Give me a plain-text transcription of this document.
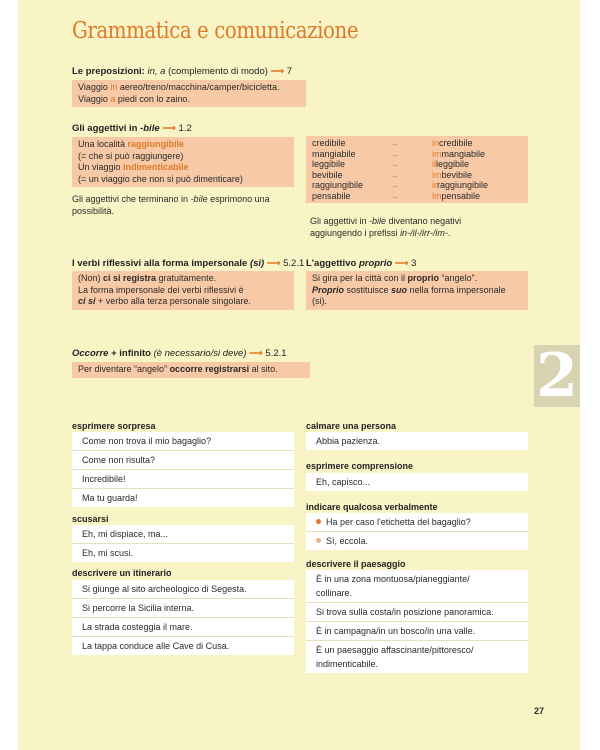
2
Grammatica e comunicazione
Le preposizioni: in, a (complemento di modo) ⟶ 7
Viaggio in aereo/treno/macchina/camper/bicicletta.
Viaggio a piedi con lo zaino.
Gli aggettivi in -bile ⟶ 1.2
Una località raggiungibile
(= che si può raggiungere)
Un viaggio indimenticabile
(= un viaggio che non si può dimenticare)
Gli aggettivi che terminano in -bile esprimono una
possibilità.
credibile	→	incredibile
mangiabile	→	immangiabile
leggibile	→	illeggibile
bevibile	→	imbevibile
raggiungibile	→	irraggiungibile
pensabile	→	impensabile
Gli aggettivi in -bile diventano negativi
aggiungendo i prefissi in-/il-/irr-/im-.
I verbi riflessivi alla forma impersonale (si) ⟶ 5.2.1
(Non) ci si registra gratuitamente.
La forma impersonale dei verbi riflessivi è
ci si + verbo alla terza personale singolare.
L'aggettivo proprio ⟶ 3
Si gira per la città con il proprio “angelo”.
Proprio sostituisce suo nella forma impersonale
(si).
Occorre + infinito (è necessario/si deve) ⟶ 5.2.1
Per diventare “angelo” occorre registrarsi al sito.
esprimere sorpresa
Come non trova il mio bagaglio?
Come non risulta?
Incredibile!
Ma tu guarda!
scusarsi
Eh, mi dispiace, ma...
Eh, mi scusi.
descrivere un itinerario
Si giunge al sito archeologico di Segesta.
Si percorre la Sicilia interna.
La strada costeggia il mare.
La tappa conduce alle Cave di Cusa.
calmare una persona
Abbia pazienza.
esprimere comprensione
Eh, capisco...
indicare qualcosa verbalmente
Ha per caso l'etichetta del bagaglio?
Sì, eccola.
descrivere il paesaggio
È in una zona montuosa/pianeggiante/
collinare.
Si trova sulla costa/in posizione panoramica.
È in campagna/in un bosco/in una valle.
È un paesaggio affascinante/pittoresco/
indimenticabile.
27
